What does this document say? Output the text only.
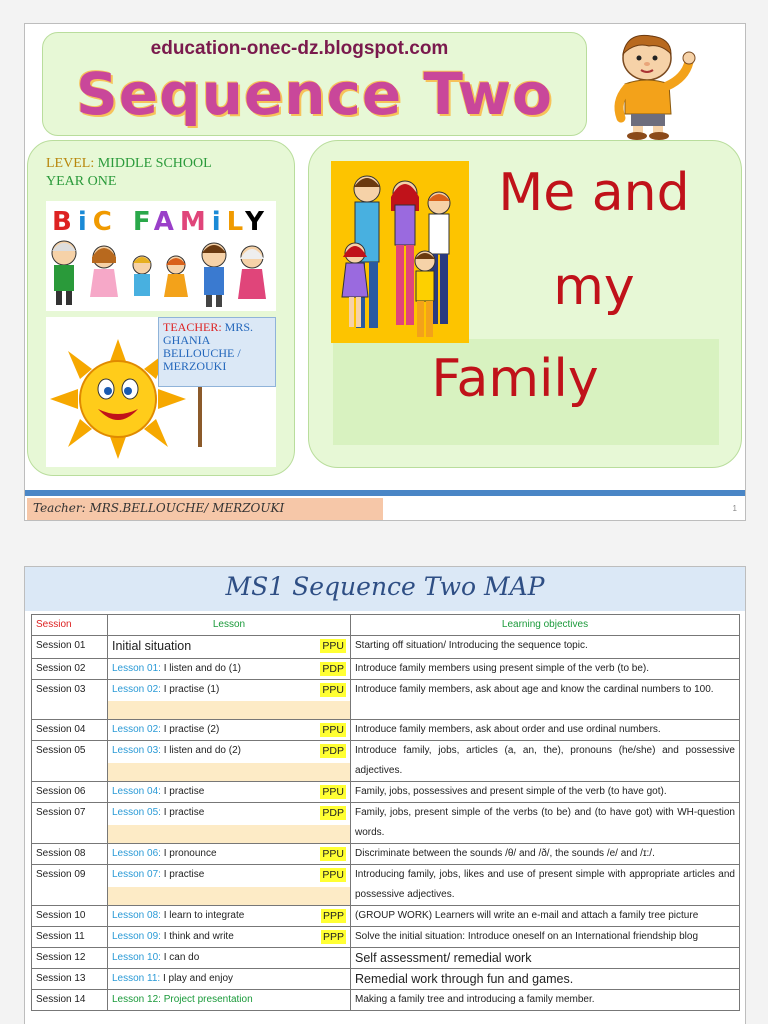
education-onec-dz.blogspot.com
Sequence Two
LEVEL: MIDDLE SCHOOL
YEAR ONE
BiC FAMiLY
TEACHER: MRS. GHANIA BELLOUCHE / MERZOUKI
Me and
my
Family
Teacher: MRS.BELLOUCHE/ MERZOUKI	1
MS1 Sequence Two MAP
Session	Lesson	Learning objectives
Session 01	Initial situation PPU	Starting off situation/ Introducing the sequence topic.
Session 02	Lesson 01: I listen and do (1) PDP	Introduce family members using present simple of the verb (to be).
Session 03	Lesson 02: I practise (1) PPU	Introduce family members, ask about age and know the cardinal numbers to 100.
Session 04	Lesson 02: I practise (2) PPU	Introduce family members, ask about order and use ordinal numbers.
Session 05	Lesson 03: I listen and do (2) PDP	Introduce family, jobs, articles (a, an, the), pronouns (he/she) and possessive adjectives.
Session 06	Lesson 04: I practise PPU	Family, jobs, possessives and present simple of the verb (to have got).
Session 07	Lesson 05: I practise PDP	Family, jobs, present simple of the verbs (to be) and (to have got) with WH-question words.
Session 08	Lesson 06: I pronounce PPU	Discriminate between the sounds /θ/ and /ð/, the sounds /e/ and /ɪ:/.
Session 09	Lesson 07: I practise PPU	Introducing family, jobs, likes and use of present simple with appropriate articles and possessive adjectives.
Session 10	Lesson 08: I learn to integrate PPP	(GROUP WORK) Learners will write an e-mail and attach a family tree picture
Session 11	Lesson 09: I think and write PPP	Solve the initial situation: Introduce oneself on an International friendship blog
Session 12	Lesson 10: I can do	Self assessment/ remedial work
Session 13	Lesson 11: I play and enjoy	Remedial work through fun and games.
Session 14	Lesson 12: Project presentation	Making a family tree and introducing a family member.
